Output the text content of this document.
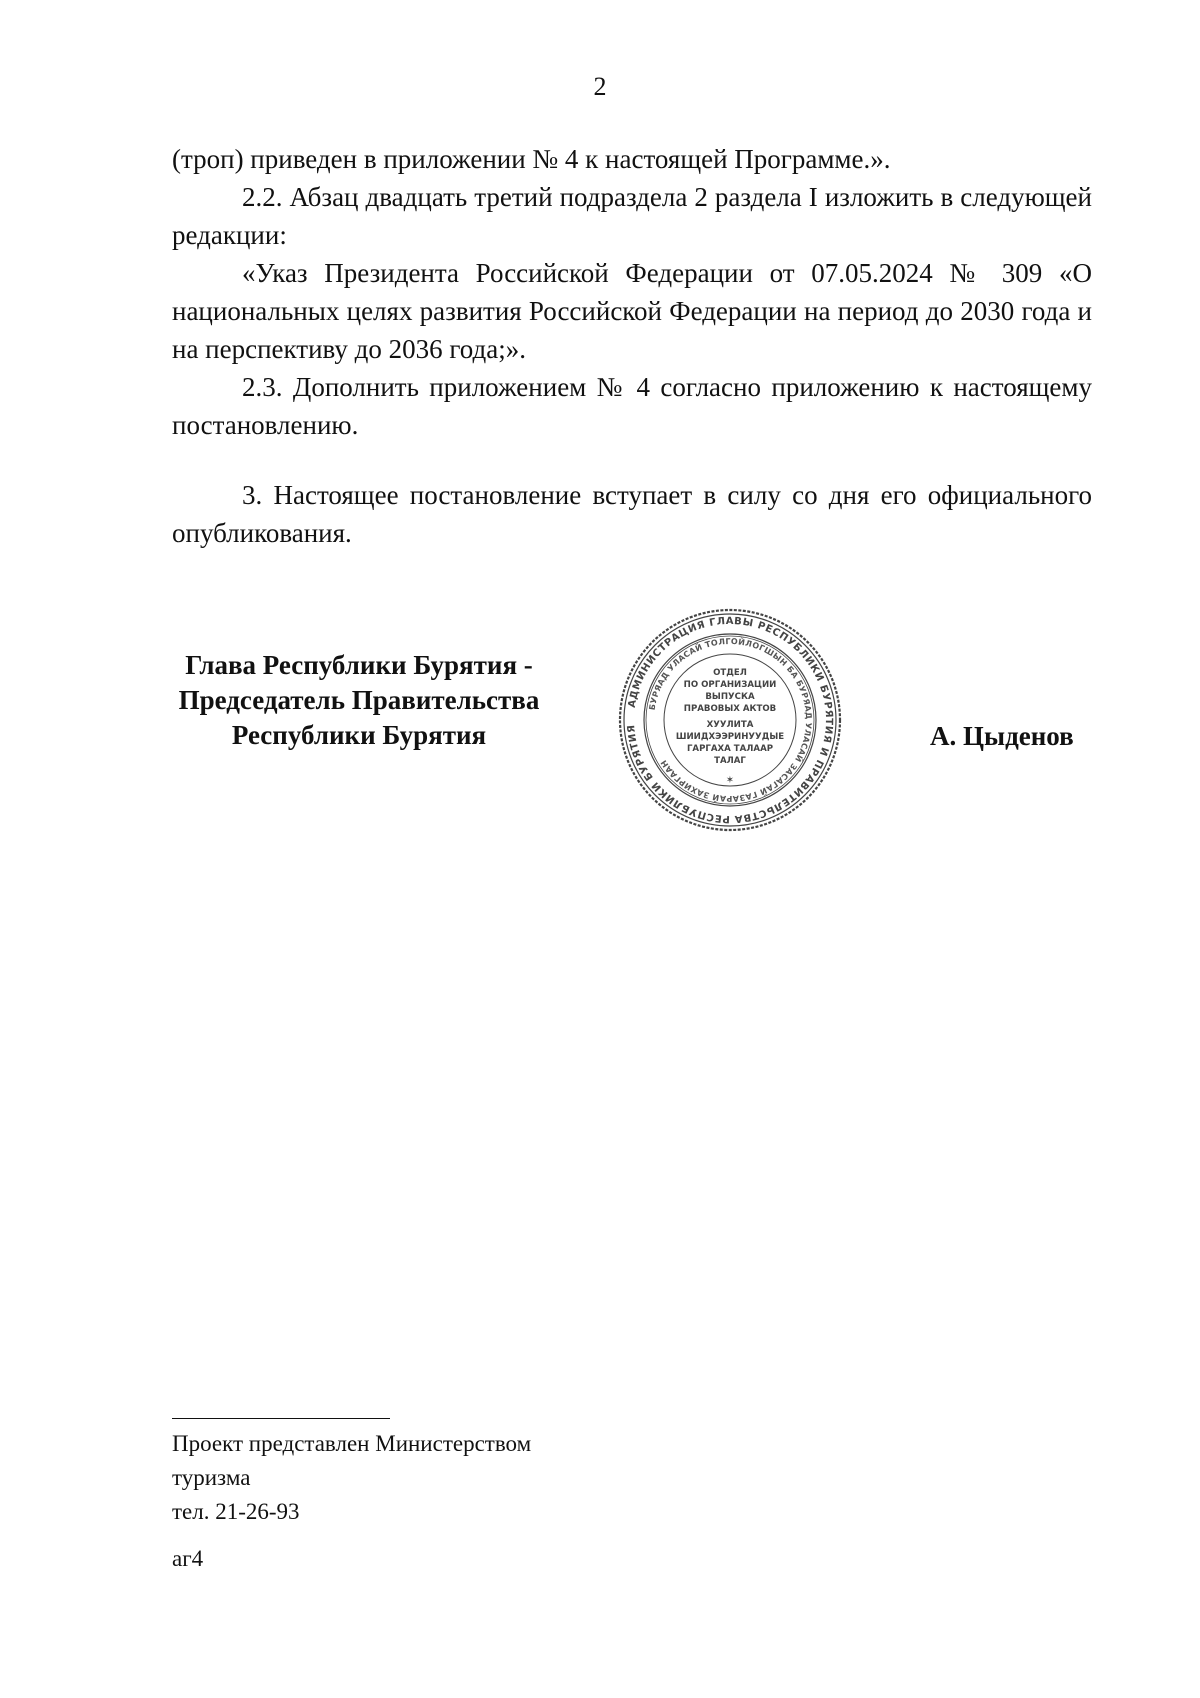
2

(троп) приведен в приложении № 4 к настоящей Программе.».

2.2. Абзац двадцать третий подраздела 2 раздела I изложить в следующей редакции:

«Указ Президента Российской Федерации от 07.05.2024 № 309 «О национальных целях развития Российской Федерации на период до 2030 года и на перспективу до 2036 года;».

2.3. Дополнить приложением № 4 согласно приложению к настоящему постановлению.

3. Настоящее постановление вступает в силу со дня его официального опубликования.

Глава Республики Бурятия -
Председатель Правительства
Республики Бурятия
АДМИНИСТРАЦИЯ ГЛАВЫ РЕСПУБЛИКИ БУРЯТИЯ И ПРАВИТЕЛЬСТВА РЕСПУБЛИКИ БУРЯТИЯ
БУРЯАД УЛАСАЙ ТОЛГОЙЛОГШЫН БА БУРЯАД УЛАСАЙ ЗАСАГАЙ ГАЗАРАЙ ЗАХИРГААН
ОТДЕЛ
ПО ОРГАНИЗАЦИИ
ВЫПУСКА
ПРАВОВЫХ АКТОВ
ХУУЛИТА
ШИИДХЭЭРИНУУДЫЕ
ГАРГАХА ТАЛААР
ТАЛАГ
✶
А. Цыденов
Проект представлен Министерством
туризма
тел. 21-26-93
аг4
